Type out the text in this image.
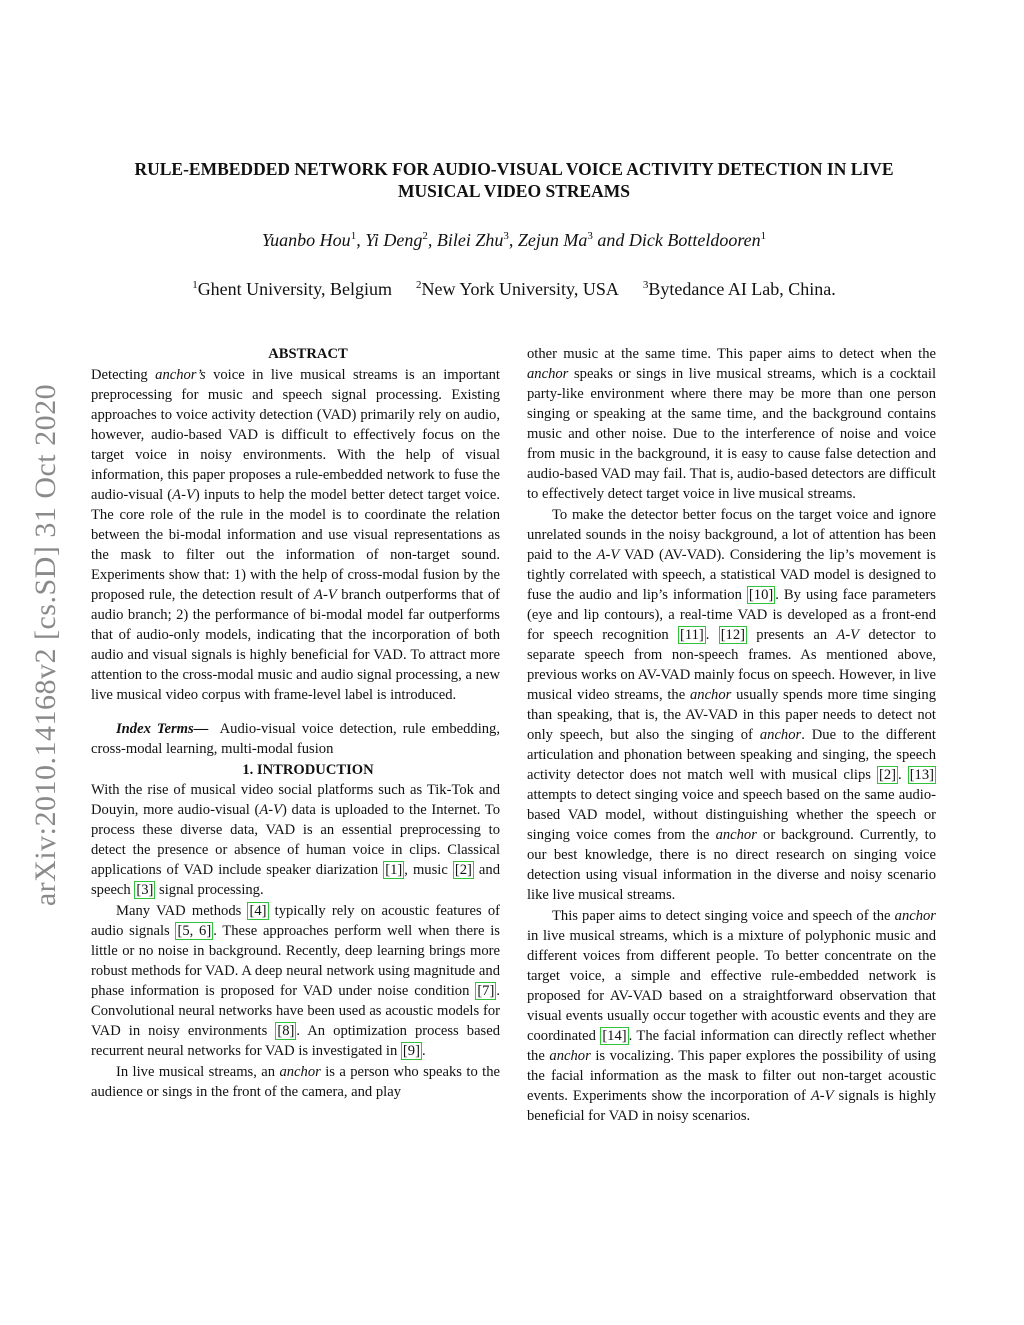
arXiv:2010.14168v2 [cs.SD] 31 Oct 2020
RULE-EMBEDDED NETWORK FOR AUDIO-VISUAL VOICE ACTIVITY DETECTION IN LIVE MUSICAL VIDEO STREAMS
Yuanbo Hou$^1$, Yi Deng$^2$, Bilei Zhu$^3$, Zejun Ma$^3$ and Dick Botteldooren$^1$
$^1$Ghent University, Belgium $^2$New York University, USA $^3$Bytedance AI Lab, China.

ABSTRACT

Detecting anchor’s voice in live musical streams is an important preprocessing for music and speech signal processing. Existing approaches to voice activity detection (VAD) primarily rely on audio, however, audio-based VAD is difficult to effectively focus on the target voice in noisy environments. With the help of visual information, this paper proposes a rule-embedded network to fuse the audio-visual (A-V) inputs to help the model better detect target voice. The core role of the rule in the model is to coordinate the relation between the bi-modal information and use visual representations as the mask to filter out the information of non-target sound. Experiments show that: 1) with the help of cross-modal fusion by the proposed rule, the detection result of A-V branch outperforms that of audio branch; 2) the performance of bi-modal model far outperforms that of audio-only models, indicating that the incorporation of both audio and visual signals is highly beneficial for VAD. To attract more attention to the cross-modal music and audio signal processing, a new live musical video corpus with frame-level label is introduced.

Index Terms— Audio-visual voice detection, rule embedding, cross-modal learning, multi-modal fusion

1. INTRODUCTION

With the rise of musical video social platforms such as Tik-Tok and Douyin, more audio-visual (A-V) data is uploaded to the Internet. To process these diverse data, VAD is an essential preprocessing to detect the presence or absence of human voice in clips. Classical applications of VAD include speaker diarization [1] , music [2] and speech [3] signal processing.

Many VAD methods [4] typically rely on acoustic features of audio signals [5, 6] . These approaches perform well when there is little or no noise in background. Recently, deep learning brings more robust methods for VAD. A deep neural network using magnitude and phase information is proposed for VAD under noise condition [7] . Convolutional neural networks have been used as acoustic models for VAD in noisy environments [8] . An optimization process based recurrent neural networks for VAD is investigated in [9] .

In live musical streams, an anchor is a person who speaks to the audience or sings in the front of the camera, and play

other music at the same time. This paper aims to detect when the anchor speaks or sings in live musical streams, which is a cocktail party-like environment where there may be more than one person singing or speaking at the same time, and the background contains music and other noise. Due to the interference of noise and voice from music in the background, it is easy to cause false detection and audio-based VAD may fail. That is, audio-based detectors are difficult to effectively detect target voice in live musical streams.

To make the detector better focus on the target voice and ignore unrelated sounds in the noisy background, a lot of attention has been paid to the A-V VAD (AV-VAD). Considering the lip’s movement is tightly correlated with speech, a statistical VAD model is designed to fuse the audio and lip’s information [10] . By using face parameters (eye and lip contours), a real-time VAD is developed as a front-end for speech recognition [11] . [12] presents an A-V detector to separate speech from non-speech frames. As mentioned above, previous works on AV-VAD mainly focus on speech. However, in live musical video streams, the anchor usually spends more time singing than speaking, that is, the AV-VAD in this paper needs to detect not only speech, but also the singing of anchor. Due to the different articulation and phonation between speaking and singing, the speech activity detector does not match well with musical clips [2] . [13] attempts to detect singing voice and speech based on the same audio-based VAD model, without distinguishing whether the speech or singing voice comes from the anchor or background. Currently, to our best knowledge, there is no direct research on singing voice detection using visual information in the diverse and noisy scenario like live musical streams.

This paper aims to detect singing voice and speech of the anchor in live musical streams, which is a mixture of polyphonic music and different voices from different people. To better concentrate on the target voice, a simple and effective rule-embedded network is proposed for AV-VAD based on a straightforward observation that visual events usually occur together with acoustic events and they are coordinated [14] . The facial information can directly reflect whether the anchor is vocalizing. This paper explores the possibility of using the facial information as the mask to filter out non-target acoustic events. Experiments show the incorporation of A-V signals is highly beneficial for VAD in noisy scenarios.
